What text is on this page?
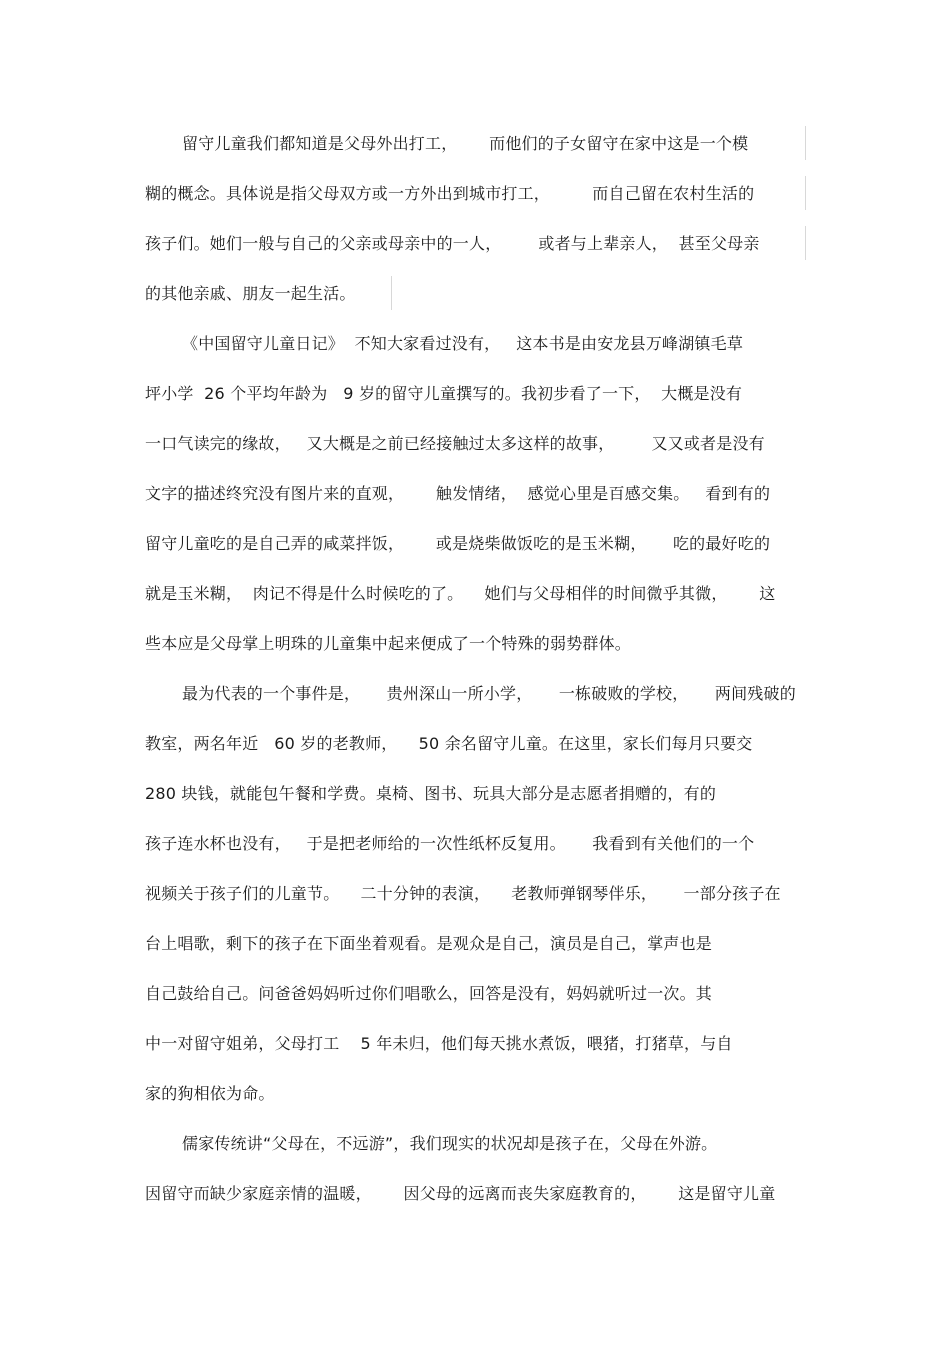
留守儿童我们都知道是父母外出打工，      而他们的子女留守在家中这是一个模
糊的概念。具体说是指父母双方或一方外出到城市打工，        而自己留在农村生活的
孩子们。她们一般与自己的父亲或母亲中的一人，       或者与上辈亲人，  甚至父母亲
的其他亲戚、朋友一起生活。
《中国留守儿童日记》  不知大家看过没有，   这本书是由安龙县万峰湖镇毛草
坪小学  26 个平均年龄为   9 岁的留守儿童撰写的。我初步看了一下，  大概是没有
一口气读完的缘故，   又大概是之前已经接触过太多这样的故事，       又又或者是没有
文字的描述终究没有图片来的直观，      触发情绪，  感觉心里是百感交集。   看到有的
留守儿童吃的是自己弄的咸菜拌饭，      或是烧柴做饭吃的是玉米糊，     吃的最好吃的
就是玉米糊，  肉记不得是什么时候吃的了。    她们与父母相伴的时间微乎其微，      这
些本应是父母掌上明珠的儿童集中起来便成了一个特殊的弱势群体。
最为代表的一个事件是，     贵州深山一所小学，     一栋破败的学校，     两间残破的
教室，两名年近   60 岁的老教师，    50 余名留守儿童。在这里，家长们每月只要交
280 块钱，就能包午餐和学费。桌椅、图书、玩具大部分是志愿者捐赠的，有的
孩子连水杯也没有，   于是把老师给的一次性纸杯反复用。     我看到有关他们的一个
视频关于孩子们的儿童节。    二十分钟的表演，    老教师弹钢琴伴乐，     一部分孩子在
台上唱歌，剩下的孩子在下面坐着观看。是观众是自己，演员是自己，掌声也是
自己鼓给自己。问爸爸妈妈听过你们唱歌么，回答是没有，妈妈就听过一次。其
中一对留守姐弟，父母打工    5 年未归，他们每天挑水煮饭，喂猪，打猪草，与自
家的狗相依为命。
儒家传统讲“父母在，不远游”，我们现实的状况却是孩子在，父母在外游。
因留守而缺少家庭亲情的温暖，      因父母的远离而丧失家庭教育的，      这是留守儿童
